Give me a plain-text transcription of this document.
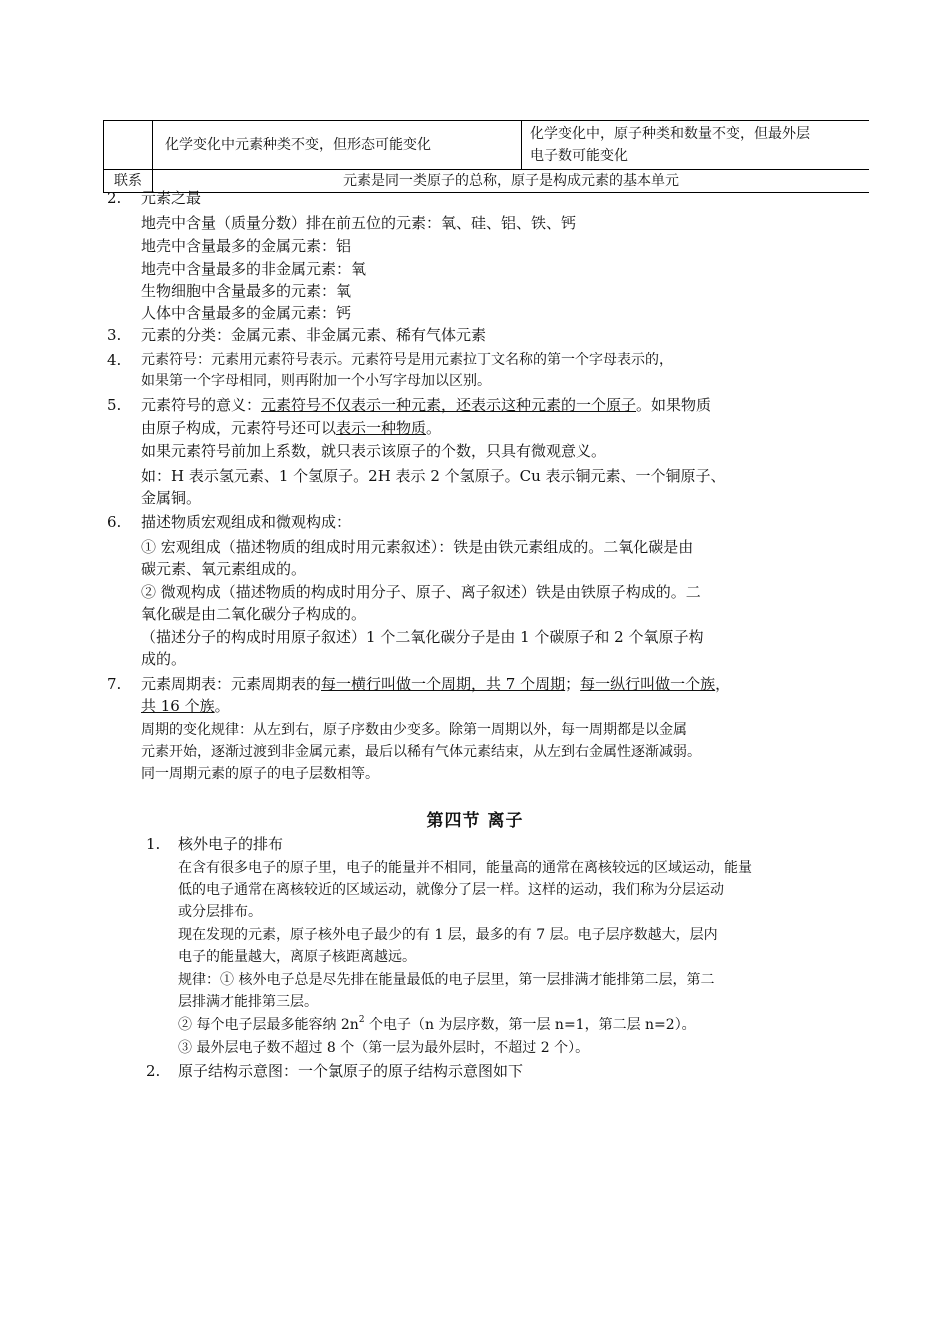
	化学变化中元素种类不变，但形态可能变化	化学变化中，原子种类和数量不变，但最外层
电子数可能变化

联系	元素是同一类原子的总称，原子是构成元素的基本单元	
2. 元素之最
地壳中含量（质量分数）排在前五位的元素：氧、硅、铝、铁、钙
地壳中含量最多的金属元素：铝
地壳中含量最多的非金属元素：氧
生物细胞中含量最多的元素：氧
人体中含量最多的金属元素：钙
3. 元素的分类：金属元素、非金属元素、稀有气体元素
4. 元素符号：元素用元素符号表示。元素符号是用元素拉丁文名称的第一个字母表示的，
如果第一个字母相同，则再附加一个小写字母加以区别。
5. 元素符号的意义：元素符号不仅表示一种元素，还表示这种元素的一个原子。如果物质
由原子构成，元素符号还可以表示一种物质。
如果元素符号前加上系数，就只表示该原子的个数，只具有微观意义。
如：H 表示氢元素、1 个氢原子。2H 表示 2 个氢原子。Cu 表示铜元素、一个铜原子、
金属铜。
6. 描述物质宏观组成和微观构成：
① 宏观组成（描述物质的组成时用元素叙述）：铁是由铁元素组成的。二氧化碳是由
碳元素、氧元素组成的。
② 微观构成（描述物质的构成时用分子、原子、离子叙述）铁是由铁原子构成的。二
氧化碳是由二氧化碳分子构成的。
（描述分子的构成时用原子叙述）1 个二氧化碳分子是由 1 个碳原子和 2 个氧原子构
成的。
7. 元素周期表：元素周期表的每一横行叫做一个周期，共 7 个周期；每一纵行叫做一个族，
共 16 个族。
周期的变化规律：从左到右，原子序数由少变多。除第一周期以外，每一周期都是以金属
元素开始，逐渐过渡到非金属元素，最后以稀有气体元素结束，从左到右金属性逐渐减弱。
同一周期元素的原子的电子层数相等。
第四节 离子
1. 核外电子的排布
在含有很多电子的原子里，电子的能量并不相同，能量高的通常在离核较远的区域运动，能量
低的电子通常在离核较近的区域运动，就像分了层一样。这样的运动，我们称为分层运动
或分层排布。
现在发现的元素，原子核外电子最少的有 1 层，最多的有 7 层。电子层序数越大，层内
电子的能量越大，离原子核距离越远。
规律：① 核外电子总是尽先排在能量最低的电子层里，第一层排满才能排第二层，第二
层排满才能排第三层。
② 每个电子层最多能容纳 $2n^2$ 个电子（n 为层序数，第一层 n=1，第二层 n=2）。
③ 最外层电子数不超过 8 个（第一层为最外层时，不超过 2 个）。
2. 原子结构示意图：一个氯原子的原子结构示意图如下
